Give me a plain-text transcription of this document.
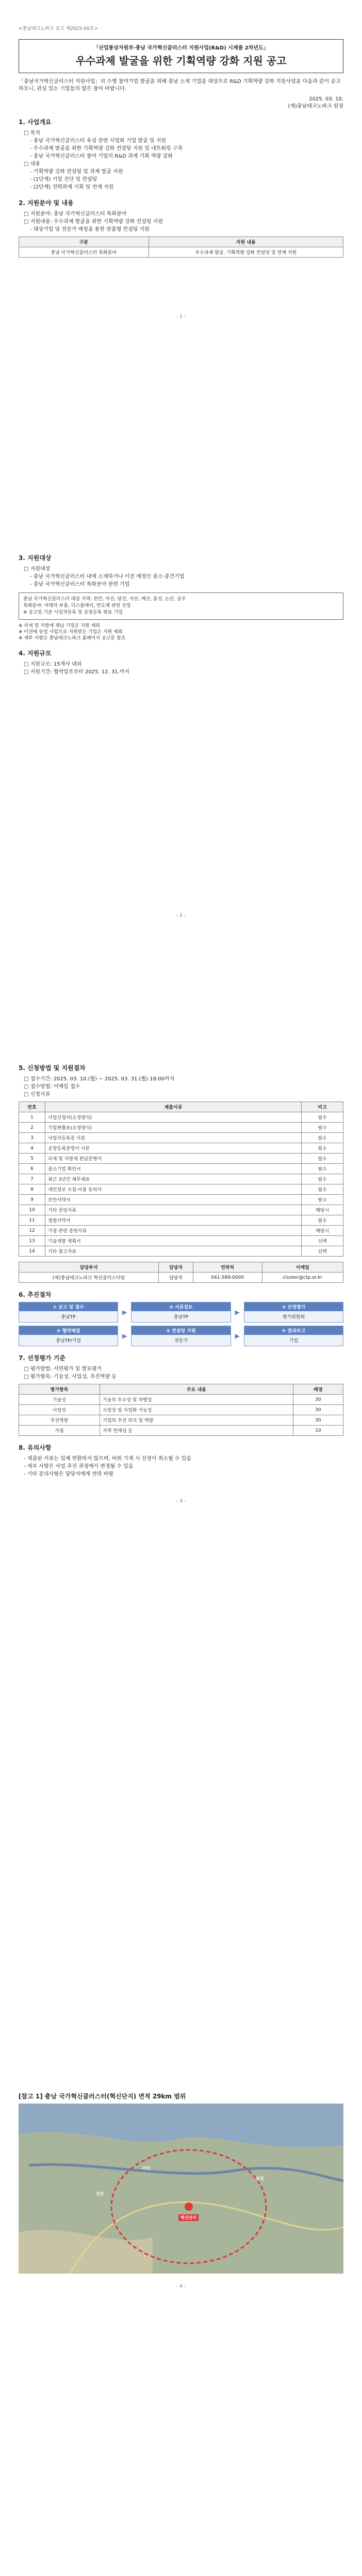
<충남테크노파크 공고 제2025-00호>
「산업통상자원부·충남 국가혁신클러스터 지원사업(R&D) 시제품 2차년도」
우수과제 발굴을 위한 기획역량 강화 지원 공고
「충남국가혁신클러스터 지원사업」의 수행 참여기업 발굴을 위해 충남 소재 기업을 대상으로 R&D 기획역량 강화 지원사업을 다음과 같이 공고하오니, 관심 있는 기업들의 많은 참여 바랍니다.
2025. 03. 10.
(재)충남테크노파크 원장
1. 사업개요
□ 목적
- 충남 국가혁신클러스터 육성 관련 사업화 기업 발굴 및 지원
- 우수과제 발굴을 위한 기획역량 강화 컨설팅 지원 및 네트워킹 구축
- 충남 국가혁신클러스터 참여 기업의 R&D 과제 기획 역량 강화
□ 내용
- 기획역량 강화 컨설팅 및 과제 발굴 지원
- (1단계) 기업 진단 및 컨설팅
- (2단계) 전략과제 기획 및 연계 지원
2. 지원분야 및 내용
□ 지원분야: 충남 국가혁신클러스터 특화분야
□ 지원내용: 우수과제 발굴을 위한 기획역량 강화 컨설팅 지원
- 대상기업 당 전문가 매칭을 통한 맞춤형 컨설팅 지원
구분	지원 내용
충남 국가혁신클러스터 특화분야	우수과제 발굴, 기획역량 강화 컨설팅 및 연계 지원
- 1 -
3. 지원대상
□ 지원대상
- 충남 국가혁신클러스터 내에 소재하거나 이전 예정인 중소·중견기업
- 충남 국가혁신클러스터 특화분야 관련 기업
충남 국가혁신클러스터 대상 지역: 천안, 아산, 당진, 서산, 예산, 홍성, 논산, 공주
특화분야: 미래차 부품, 디스플레이, 반도체 관련 산업
※ 공고일 기준 사업자등록 및 공장등록 완료 기업
※ 국세 및 지방세 체납 기업은 지원 제외
※ 이전에 동일 사업으로 지원받은 기업은 지원 제외
※ 세부 사항은 충남테크노파크 홈페이지 공고문 참조
4. 지원규모
□ 지원규모: 15개사 내외
□ 지원기간: 협약일로부터 2025. 12. 31.까지
- 2 -
5. 신청방법 및 지원절차
□ 접수기간: 2025. 03. 10.(월) ~ 2025. 03. 31.(월) 18:00까지
□ 접수방법: 이메일 접수
□ 신청서류
번호	제출서류	비고
1	사업신청서(소정양식)	필수
2	기업현황표(소정양식)	필수
3	사업자등록증 사본	필수
4	공장등록증명서 사본	필수
5	국세 및 지방세 완납증명서	필수
6	중소기업 확인서	필수
7	최근 3년간 재무제표	필수
8	개인정보 수집·이용 동의서	필수
9	보안서약서	필수
10	기타 증빙서류	해당시
11	청렴서약서	필수
12	가점 관련 증빙서류	해당시
13	기술개발 계획서	선택
14	기타 참고자료	선택
담당부서	담당자	연락처	이메일
(재)충남테크노파크 혁신클러스터팀	담당자	041-589-0000	cluster@ctp.or.kr
6. 추진절차
① 공고 및 접수
충남TP
▶
② 서류검토
충남TP
▶
③ 선정평가
평가위원회
④ 협약체결
충남TP/기업
▶
⑤ 컨설팅 지원
전문가
▶
⑥ 결과보고
기업
7. 선정평가 기준
□ 평가방법: 서면평가 및 발표평가
□ 평가항목: 기술성, 사업성, 추진역량 등
평가항목	주요 내용	배점
기술성	기술의 우수성 및 차별성	30
사업성	시장성 및 사업화 가능성	30
추진역량	기업의 추진 의지 및 역량	30
가점	지역 연계성 등	10
8. 유의사항
- 제출된 서류는 일체 반환하지 않으며, 허위 기재 시 선정이 취소될 수 있음
- 세부 사항은 사업 추진 과정에서 변경될 수 있음
- 기타 문의사항은 담당자에게 연락 바람
- 3 -
[참고 1] 충남 국가혁신클러스터(혁신단지) 면적 29km 범위
천안
아산
당진
혁신단지
- 4 -
